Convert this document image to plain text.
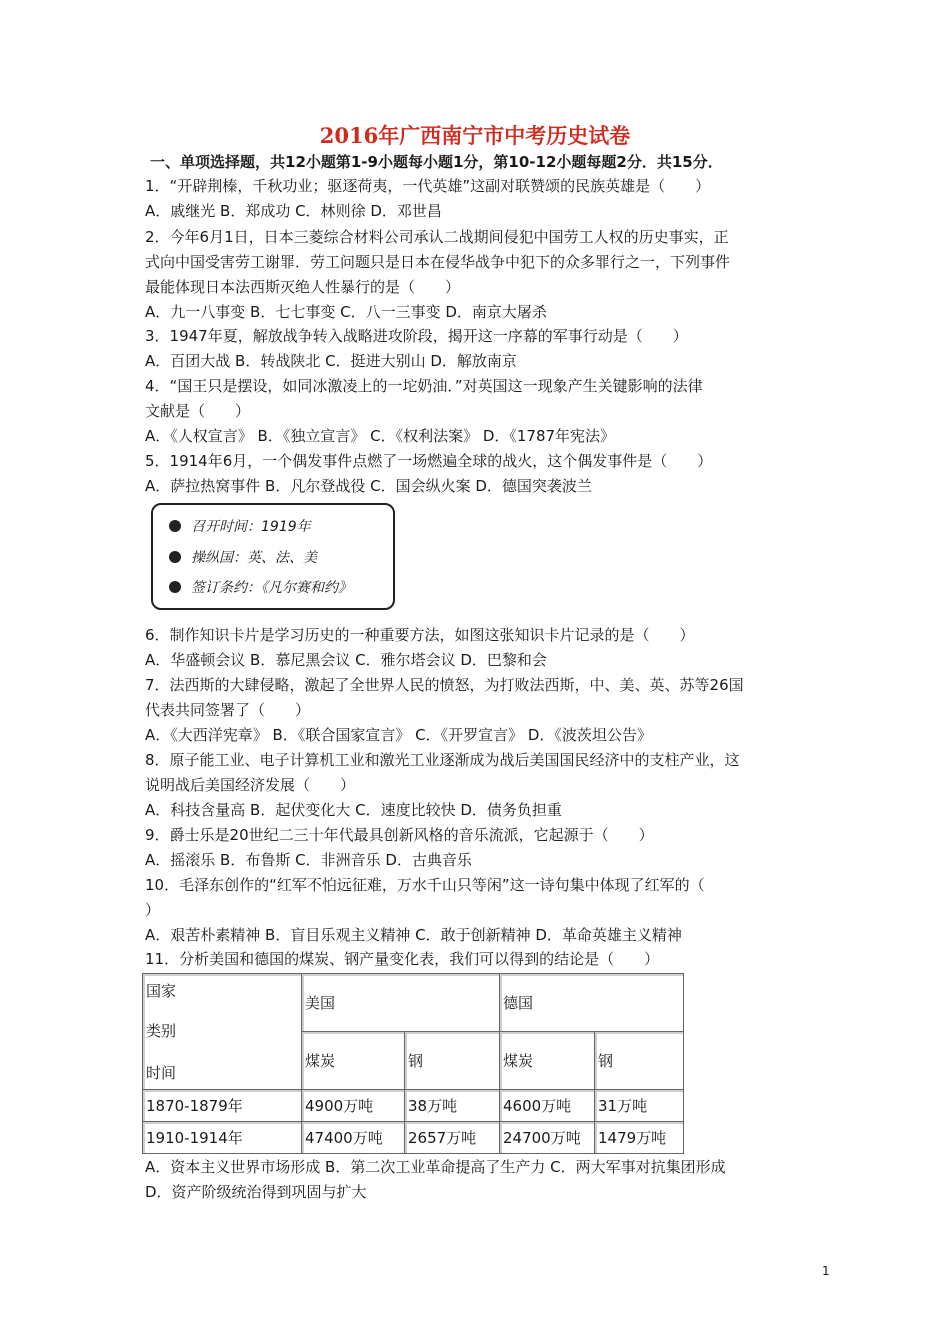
2016年广西南宁市中考历史试卷
一、单项选择题，共12小题第1-9小题每小题1分，第10-12小题每题2分．共15分．
1．“开辟荆榛，千秋功业；驱逐荷夷，一代英雄”这副对联赞颂的民族英雄是（　　）
A．戚继光 B．郑成功 C．林则徐 D．邓世昌
2．今年6月1日，日本三菱综合材料公司承认二战期间侵犯中国劳工人权的历史事实，正
式向中国受害劳工谢罪．劳工问题只是日本在侵华战争中犯下的众多罪行之一，下列事件
最能体现日本法西斯灭绝人性暴行的是（　　）
A．九一八事变 B．七七事变 C．八一三事变 D．南京大屠杀
3．1947年夏，解放战争转入战略进攻阶段，揭开这一序幕的军事行动是（　　）
A．百团大战 B．转战陕北 C．挺进大别山 D．解放南京
4．“国王只是摆设，如同冰激凌上的一坨奶油．”对英国这一现象产生关键影响的法律
文献是（　　）
A．《人权宣言》 B．《独立宣言》 C．《权利法案》 D．《1787年宪法》
5．1914年6月，一个偶发事件点燃了一场燃遍全球的战火，这个偶发事件是（　　）
A．萨拉热窝事件 B．凡尔登战役 C．国会纵火案 D．德国突袭波兰
召开时间：1919年
操纵国：英、法、美
签订条约：《凡尔赛和约》
6．制作知识卡片是学习历史的一种重要方法，如图这张知识卡片记录的是（　　）
A．华盛顿会议 B．慕尼黑会议 C．雅尔塔会议 D．巴黎和会
7．法西斯的大肆侵略，激起了全世界人民的愤怒，为打败法西斯，中、美、英、苏等26国
代表共同签署了（　　）
A．《大西洋宪章》 B．《联合国家宣言》 C．《开罗宣言》 D．《波茨坦公告》
8．原子能工业、电子计算机工业和激光工业逐渐成为战后美国国民经济中的支柱产业，这
说明战后美国经济发展（　　）
A．科技含量高 B．起伏变化大 C．速度比较快 D．债务负担重
9．爵士乐是20世纪二三十年代最具创新风格的音乐流派，它起源于（　　）
A．摇滚乐 B．布鲁斯 C．非洲音乐 D．古典音乐
10．毛泽东创作的“红军不怕远征难，万水千山只等闲”这一诗句集中体现了红军的（
）
A．艰苦朴素精神 B．盲目乐观主义精神 C．敢于创新精神 D．革命英雄主义精神
11．分析美国和德国的煤炭、钢产量变化表，我们可以得到的结论是（　　）
国家
类别
时间	美国		德国	
	煤炭	钢	煤炭	钢
1870-1879年	4900万吨	38万吨	4600万吨	31万吨
1910-1914年	47400万吨	2657万吨	24700万吨	1479万吨
A．资本主义世界市场形成 B．第二次工业革命提高了生产力 C．两大军事对抗集团形成
D．资产阶级统治得到巩固与扩大
1
